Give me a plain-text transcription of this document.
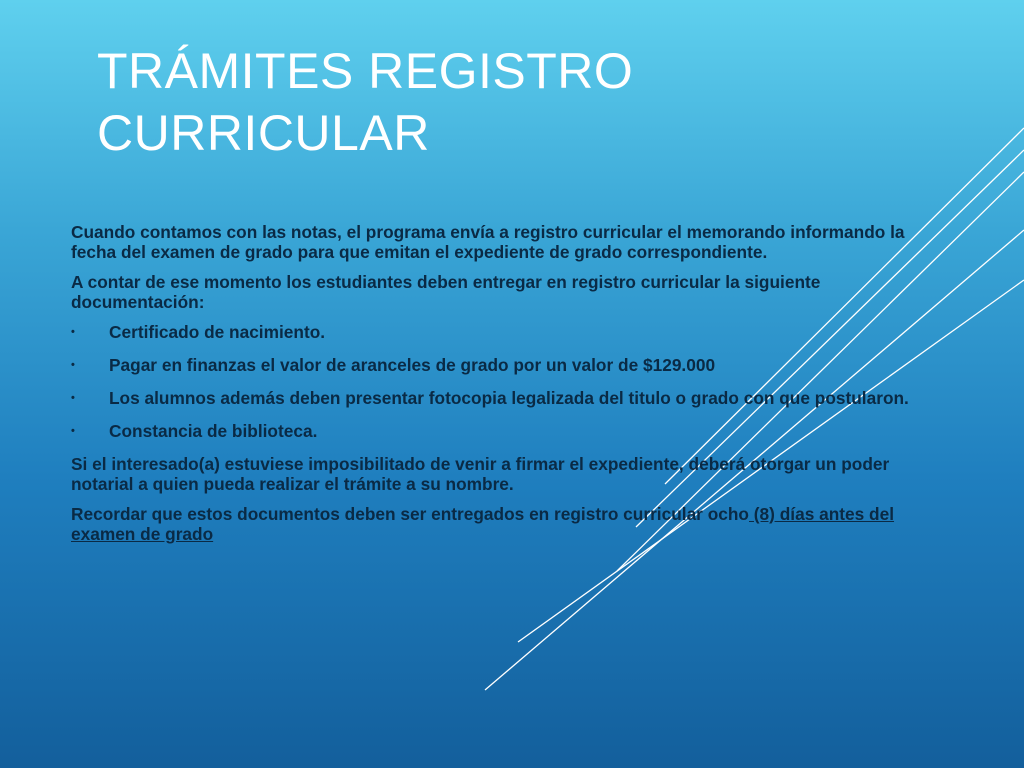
TRÁMITES REGISTRO
CURRICULAR

Cuando contamos con las notas, el programa envía a registro curricular el memorando informando la fecha del examen de grado para que emitan el expediente de grado correspondiente.

A contar de ese momento los estudiantes deben entregar en registro curricular la siguiente documentación:

• Certificado de nacimiento.
• Pagar en finanzas el valor de aranceles de grado por un valor de $129.000
• Los alumnos además deben presentar fotocopia legalizada del titulo o grado con que postularon.
• Constancia de biblioteca.

Si el interesado(a) estuviese imposibilitado de venir a firmar el expediente, deberá otorgar un poder notarial a quien pueda realizar el trámite a su nombre.

Recordar que estos documentos deben ser entregados en registro curricular ocho (8) días antes del examen de grado
